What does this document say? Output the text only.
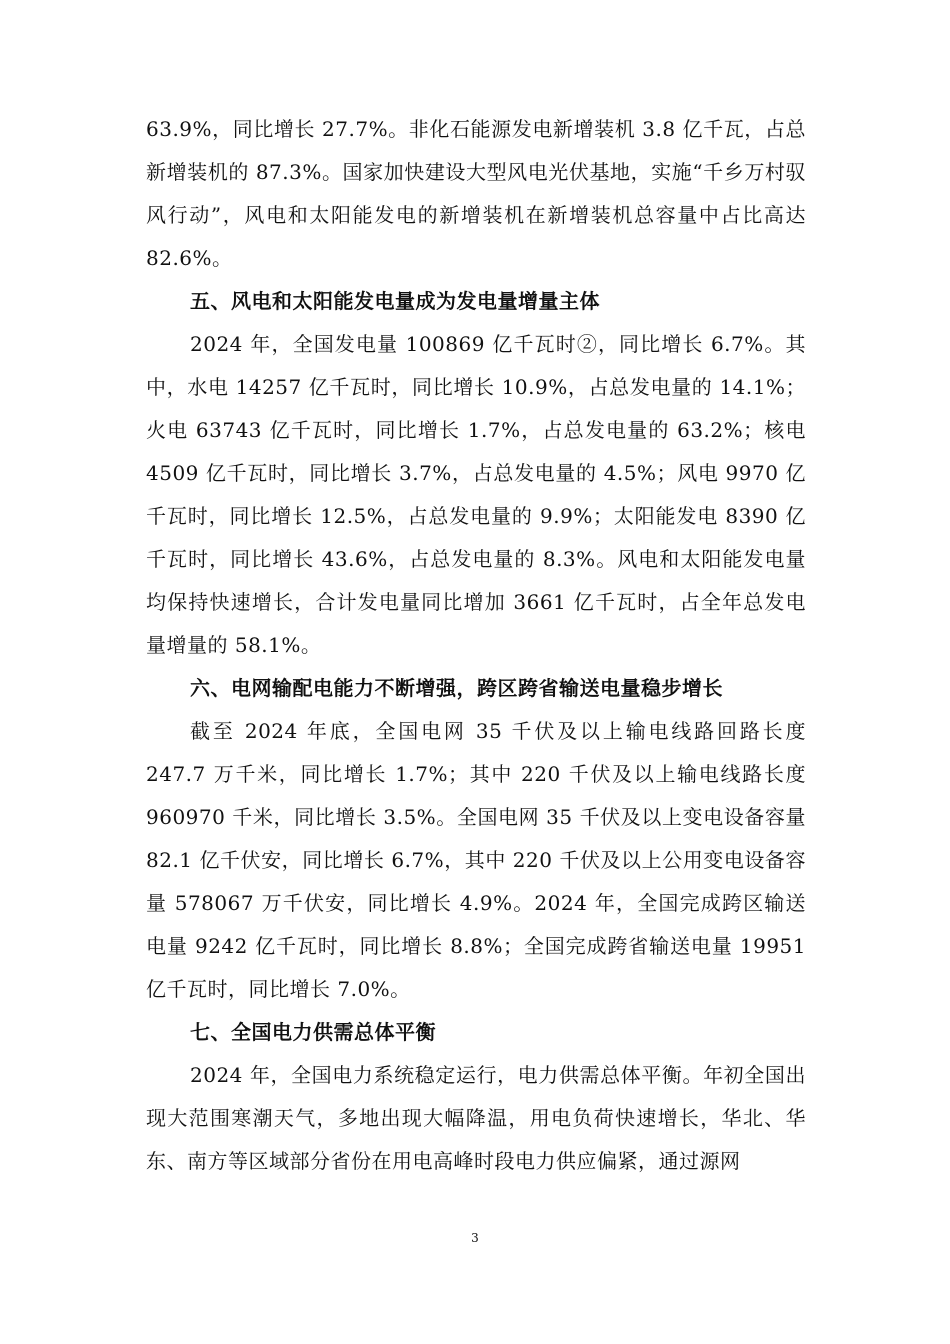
63.9%，同比增长 27.7%。非化石能源发电新增装机 3.8 亿千瓦，占总新增装机的 87.3%。国家加快建设大型风电光伏基地，实施“千乡万村驭风行动”，风电和太阳能发电的新增装机在新增装机总容量中占比高达 82.6%。

五、风电和太阳能发电量成为发电量增量主体

2024 年，全国发电量 100869 亿千瓦时②，同比增长 6.7%。其中，水电 14257 亿千瓦时，同比增长 10.9%，占总发电量的 14.1%；火电 63743 亿千瓦时，同比增长 1.7%，占总发电量的 63.2%；核电 4509 亿千瓦时，同比增长 3.7%，占总发电量的 4.5%；风电 9970 亿千瓦时，同比增长 12.5%，占总发电量的 9.9%；太阳能发电 8390 亿千瓦时，同比增长 43.6%，占总发电量的 8.3%。风电和太阳能发电量均保持快速增长，合计发电量同比增加 3661 亿千瓦时，占全年总发电量增量的 58.1%。

六、电网输配电能力不断增强，跨区跨省输送电量稳步增长

截至 2024 年底，全国电网 35 千伏及以上输电线路回路长度 247.7 万千米，同比增长 1.7%；其中 220 千伏及以上输电线路长度 960970 千米，同比增长 3.5%。全国电网 35 千伏及以上变电设备容量 82.1 亿千伏安，同比增长 6.7%，其中 220 千伏及以上公用变电设备容量 578067 万千伏安，同比增长 4.9%。2024 年，全国完成跨区输送电量 9242 亿千瓦时，同比增长 8.8%；全国完成跨省输送电量 19951 亿千瓦时，同比增长 7.0%。

七、全国电力供需总体平衡

2024 年，全国电力系统稳定运行，电力供需总体平衡。年初全国出现大范围寒潮天气，多地出现大幅降温，用电负荷快速增长，华北、华东、南方等区域部分省份在用电高峰时段电力供应偏紧，通过源网

3
